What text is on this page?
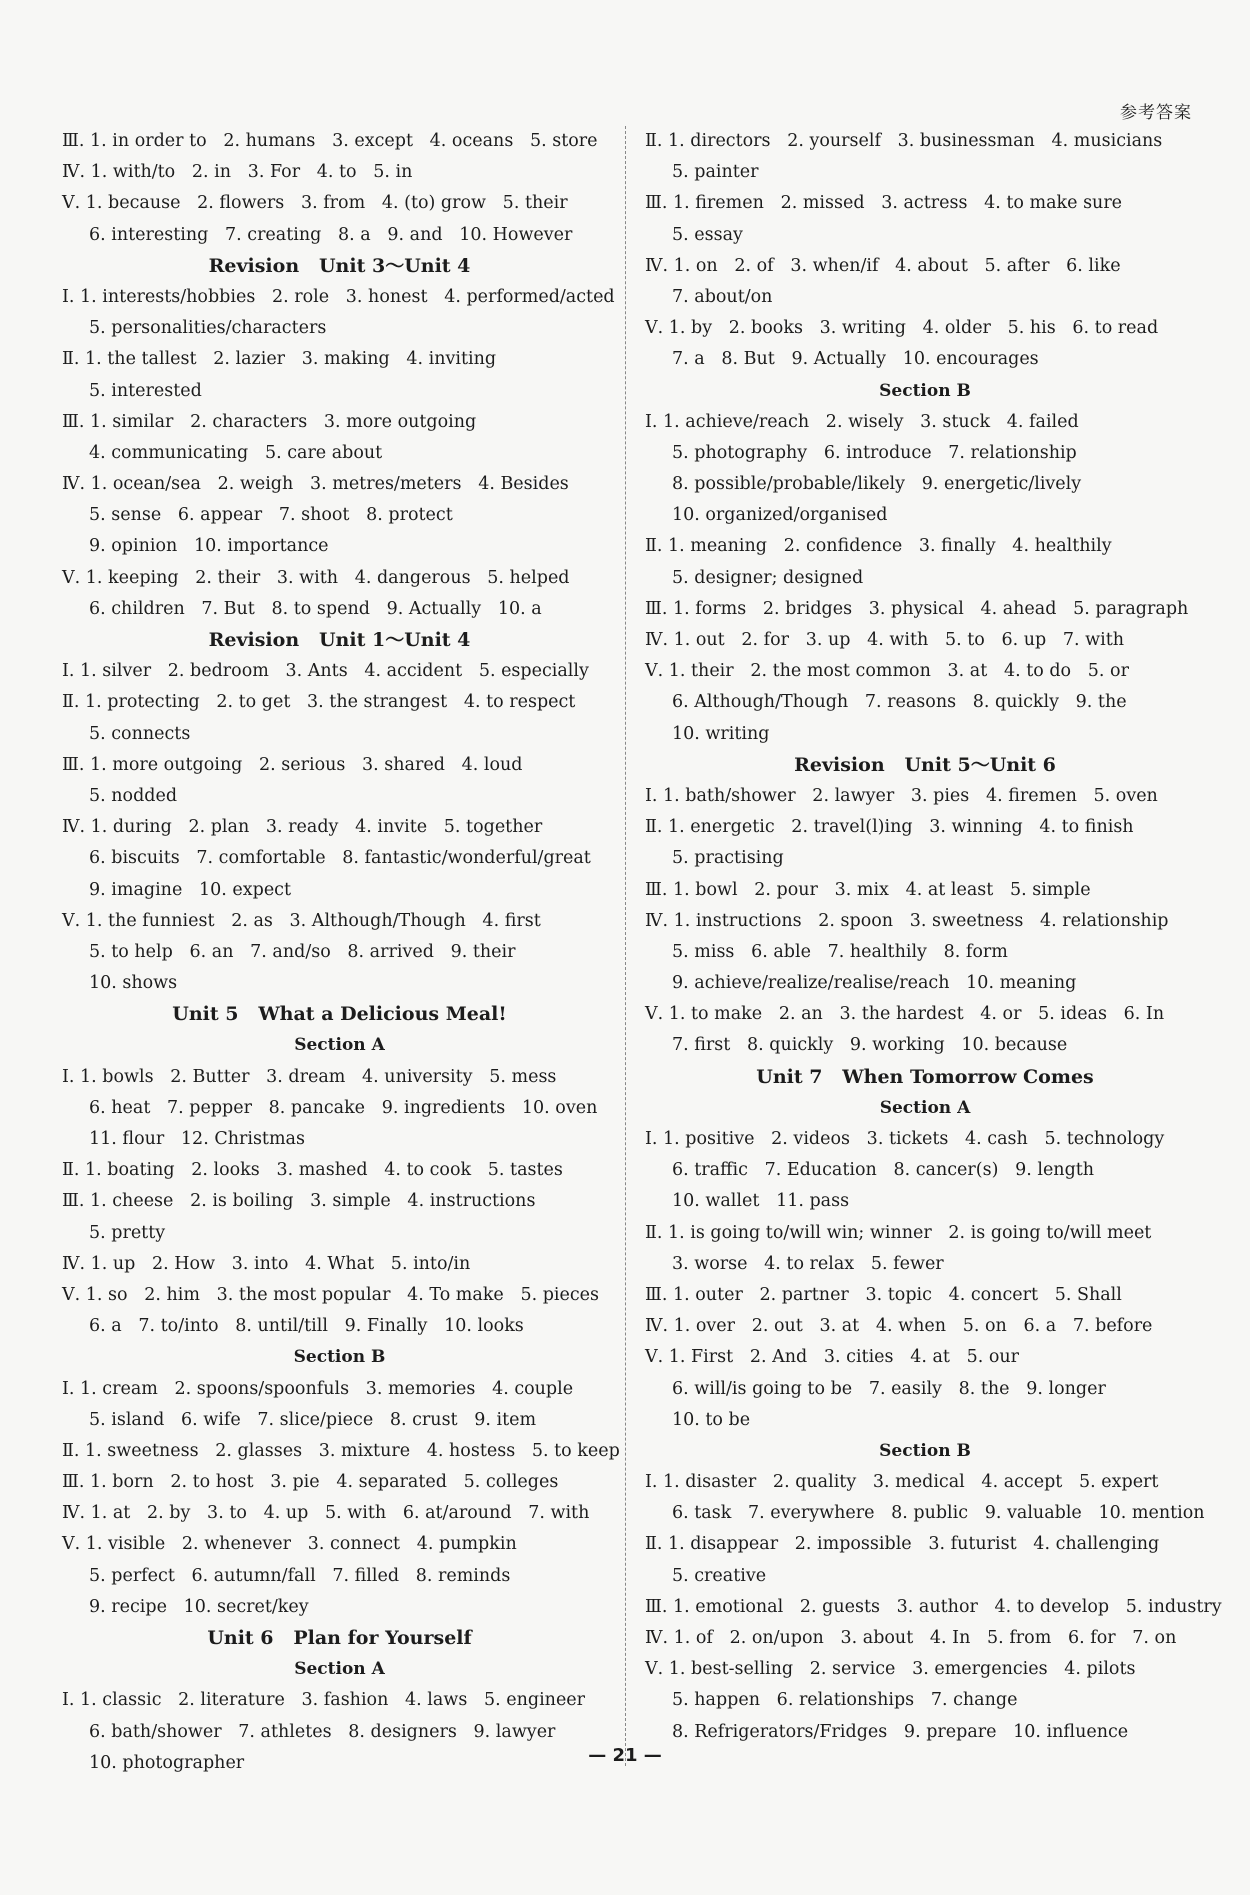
参考答案
Ⅲ. 1. in order to   2. humans   3. except   4. oceans   5. store
Ⅳ. 1. with/to   2. in   3. For   4. to   5. in
Ⅴ. 1. because   2. flowers   3. from   4. (to) grow   5. their
6. interesting   7. creating   8. a   9. and   10. However
Revision   Unit 3～Unit 4
Ⅰ. 1. interests/hobbies   2. role   3. honest   4. performed/acted
5. personalities/characters
Ⅱ. 1. the tallest   2. lazier   3. making   4. inviting
5. interested
Ⅲ. 1. similar   2. characters   3. more outgoing
4. communicating   5. care about
Ⅳ. 1. ocean/sea   2. weigh   3. metres/meters   4. Besides
5. sense   6. appear   7. shoot   8. protect
9. opinion   10. importance
Ⅴ. 1. keeping   2. their   3. with   4. dangerous   5. helped
6. children   7. But   8. to spend   9. Actually   10. a
Revision   Unit 1～Unit 4
Ⅰ. 1. silver   2. bedroom   3. Ants   4. accident   5. especially
Ⅱ. 1. protecting   2. to get   3. the strangest   4. to respect
5. connects
Ⅲ. 1. more outgoing   2. serious   3. shared   4. loud
5. nodded
Ⅳ. 1. during   2. plan   3. ready   4. invite   5. together
6. biscuits   7. comfortable   8. fantastic/wonderful/great
9. imagine   10. expect
Ⅴ. 1. the funniest   2. as   3. Although/Though   4. first
5. to help   6. an   7. and/so   8. arrived   9. their
10. shows
Unit 5   What a Delicious Meal!
Section A
Ⅰ. 1. bowls   2. Butter   3. dream   4. university   5. mess
6. heat   7. pepper   8. pancake   9. ingredients   10. oven
11. flour   12. Christmas
Ⅱ. 1. boating   2. looks   3. mashed   4. to cook   5. tastes
Ⅲ. 1. cheese   2. is boiling   3. simple   4. instructions
5. pretty
Ⅳ. 1. up   2. How   3. into   4. What   5. into/in
Ⅴ. 1. so   2. him   3. the most popular   4. To make   5. pieces
6. a   7. to/into   8. until/till   9. Finally   10. looks
Section B
Ⅰ. 1. cream   2. spoons/spoonfuls   3. memories   4. couple
5. island   6. wife   7. slice/piece   8. crust   9. item
Ⅱ. 1. sweetness   2. glasses   3. mixture   4. hostess   5. to keep
Ⅲ. 1. born   2. to host   3. pie   4. separated   5. colleges
Ⅳ. 1. at   2. by   3. to   4. up   5. with   6. at/around   7. with
Ⅴ. 1. visible   2. whenever   3. connect   4. pumpkin
5. perfect   6. autumn/fall   7. filled   8. reminds
9. recipe   10. secret/key
Unit 6   Plan for Yourself
Section A
Ⅰ. 1. classic   2. literature   3. fashion   4. laws   5. engineer
6. bath/shower   7. athletes   8. designers   9. lawyer
10. photographer
Ⅱ. 1. directors   2. yourself   3. businessman   4. musicians
5. painter
Ⅲ. 1. firemen   2. missed   3. actress   4. to make sure
5. essay
Ⅳ. 1. on   2. of   3. when/if   4. about   5. after   6. like
7. about/on
Ⅴ. 1. by   2. books   3. writing   4. older   5. his   6. to read
7. a   8. But   9. Actually   10. encourages
Section B
Ⅰ. 1. achieve/reach   2. wisely   3. stuck   4. failed
5. photography   6. introduce   7. relationship
8. possible/probable/likely   9. energetic/lively
10. organized/organised
Ⅱ. 1. meaning   2. confidence   3. finally   4. healthily
5. designer; designed
Ⅲ. 1. forms   2. bridges   3. physical   4. ahead   5. paragraph
Ⅳ. 1. out   2. for   3. up   4. with   5. to   6. up   7. with
Ⅴ. 1. their   2. the most common   3. at   4. to do   5. or
6. Although/Though   7. reasons   8. quickly   9. the
10. writing
Revision   Unit 5～Unit 6
Ⅰ. 1. bath/shower   2. lawyer   3. pies   4. firemen   5. oven
Ⅱ. 1. energetic   2. travel(l)ing   3. winning   4. to finish
5. practising
Ⅲ. 1. bowl   2. pour   3. mix   4. at least   5. simple
Ⅳ. 1. instructions   2. spoon   3. sweetness   4. relationship
5. miss   6. able   7. healthily   8. form
9. achieve/realize/realise/reach   10. meaning
Ⅴ. 1. to make   2. an   3. the hardest   4. or   5. ideas   6. In
7. first   8. quickly   9. working   10. because
Unit 7   When Tomorrow Comes
Section A
Ⅰ. 1. positive   2. videos   3. tickets   4. cash   5. technology
6. traffic   7. Education   8. cancer(s)   9. length
10. wallet   11. pass
Ⅱ. 1. is going to/will win; winner   2. is going to/will meet
3. worse   4. to relax   5. fewer
Ⅲ. 1. outer   2. partner   3. topic   4. concert   5. Shall
Ⅳ. 1. over   2. out   3. at   4. when   5. on   6. a   7. before
Ⅴ. 1. First   2. And   3. cities   4. at   5. our
6. will/is going to be   7. easily   8. the   9. longer
10. to be
Section B
Ⅰ. 1. disaster   2. quality   3. medical   4. accept   5. expert
6. task   7. everywhere   8. public   9. valuable   10. mention
Ⅱ. 1. disappear   2. impossible   3. futurist   4. challenging
5. creative
Ⅲ. 1. emotional   2. guests   3. author   4. to develop   5. industry
Ⅳ. 1. of   2. on/upon   3. about   4. In   5. from   6. for   7. on
Ⅴ. 1. best-selling   2. service   3. emergencies   4. pilots
5. happen   6. relationships   7. change
8. Refrigerators/Fridges   9. prepare   10. influence
— 21 —
